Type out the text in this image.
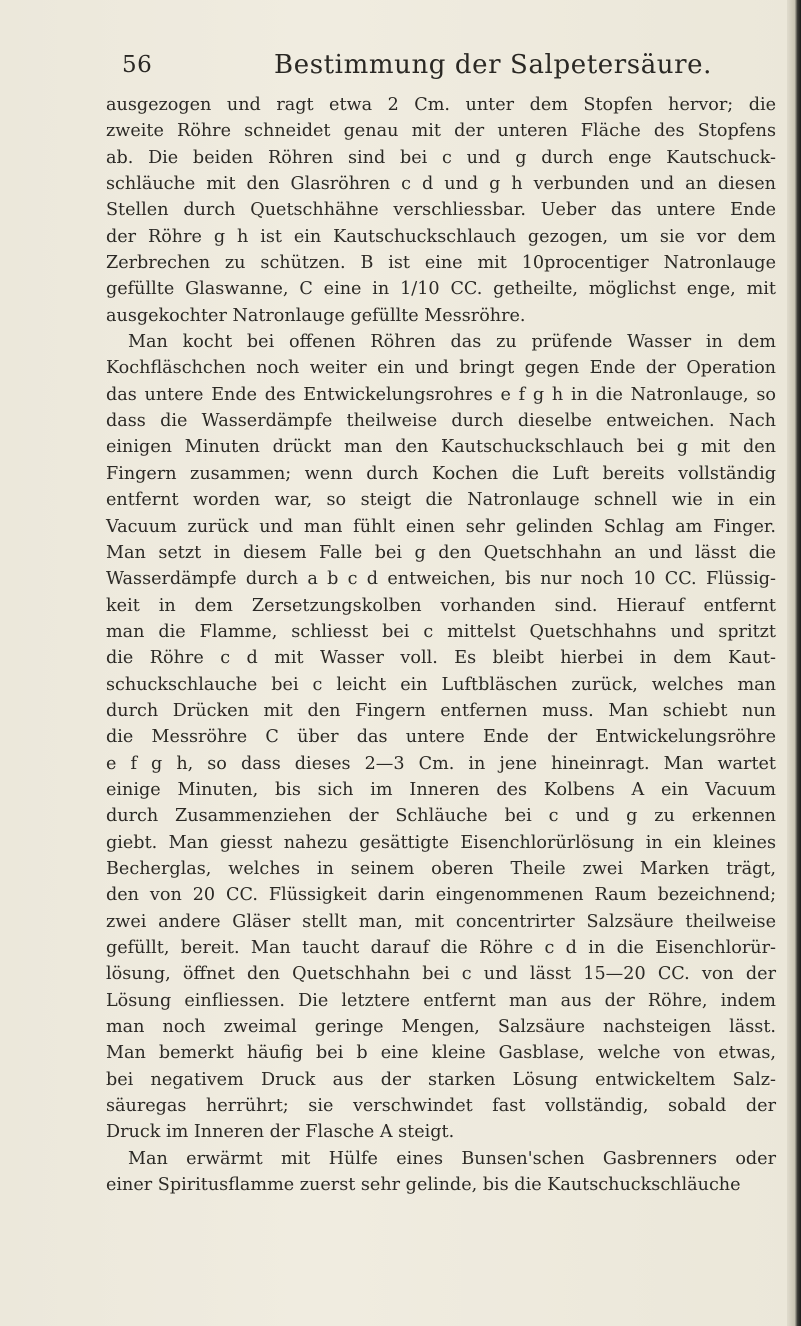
56	Bestimmung der Salpetersäure.
ausgezogen und ragt etwa 2 Cm. unter dem Stopfen hervor; die
zweite Röhre schneidet genau mit der unteren Fläche des Stopfens
ab. Die beiden Röhren sind bei c und g durch enge Kautschuck-
schläuche mit den Glasröhren c d und g h verbunden und an diesen
Stellen durch Quetschhähne verschliessbar. Ueber das untere Ende
der Röhre g h ist ein Kautschuckschlauch gezogen, um sie vor dem
Zerbrechen zu schützen. B ist eine mit 10procentiger Natronlauge
gefüllte Glaswanne, C eine in 1/10 CC. getheilte, möglichst enge, mit
ausgekochter Natronlauge gefüllte Messröhre.
Man kocht bei offenen Röhren das zu prüfende Wasser in dem
Kochfläschchen noch weiter ein und bringt gegen Ende der Operation
das untere Ende des Entwickelungsrohres e f g h in die Natronlauge, so
dass die Wasserdämpfe theilweise durch dieselbe entweichen. Nach
einigen Minuten drückt man den Kautschuckschlauch bei g mit den
Fingern zusammen; wenn durch Kochen die Luft bereits vollständig
entfernt worden war, so steigt die Natronlauge schnell wie in ein
Vacuum zurück und man fühlt einen sehr gelinden Schlag am Finger.
Man setzt in diesem Falle bei g den Quetschhahn an und lässt die
Wasserdämpfe durch a b c d entweichen, bis nur noch 10 CC. Flüssig-
keit in dem Zersetzungskolben vorhanden sind. Hierauf entfernt
man die Flamme, schliesst bei c mittelst Quetschhahns und spritzt
die Röhre c d mit Wasser voll. Es bleibt hierbei in dem Kaut-
schuckschlauche bei c leicht ein Luftbläschen zurück, welches man
durch Drücken mit den Fingern entfernen muss. Man schiebt nun
die Messröhre C über das untere Ende der Entwickelungsröhre
e f g h, so dass dieses 2—3 Cm. in jene hineinragt. Man wartet
einige Minuten, bis sich im Inneren des Kolbens A ein Vacuum
durch Zusammenziehen der Schläuche bei c und g zu erkennen
giebt. Man giesst nahezu gesättigte Eisenchlorürlösung in ein kleines
Becherglas, welches in seinem oberen Theile zwei Marken trägt,
den von 20 CC. Flüssigkeit darin eingenommenen Raum bezeichnend;
zwei andere Gläser stellt man, mit concentrirter Salzsäure theilweise
gefüllt, bereit. Man taucht darauf die Röhre c d in die Eisenchlorür-
lösung, öffnet den Quetschhahn bei c und lässt 15—20 CC. von der
Lösung einfliessen. Die letztere entfernt man aus der Röhre, indem
man noch zweimal geringe Mengen, Salzsäure nachsteigen lässt.
Man bemerkt häufig bei b eine kleine Gasblase, welche von etwas,
bei negativem Druck aus der starken Lösung entwickeltem Salz-
säuregas herrührt; sie verschwindet fast vollständig, sobald der
Druck im Inneren der Flasche A steigt.
Man erwärmt mit Hülfe eines Bunsen'schen Gasbrenners oder
einer Spiritusflamme zuerst sehr gelinde, bis die Kautschuckschläuche
